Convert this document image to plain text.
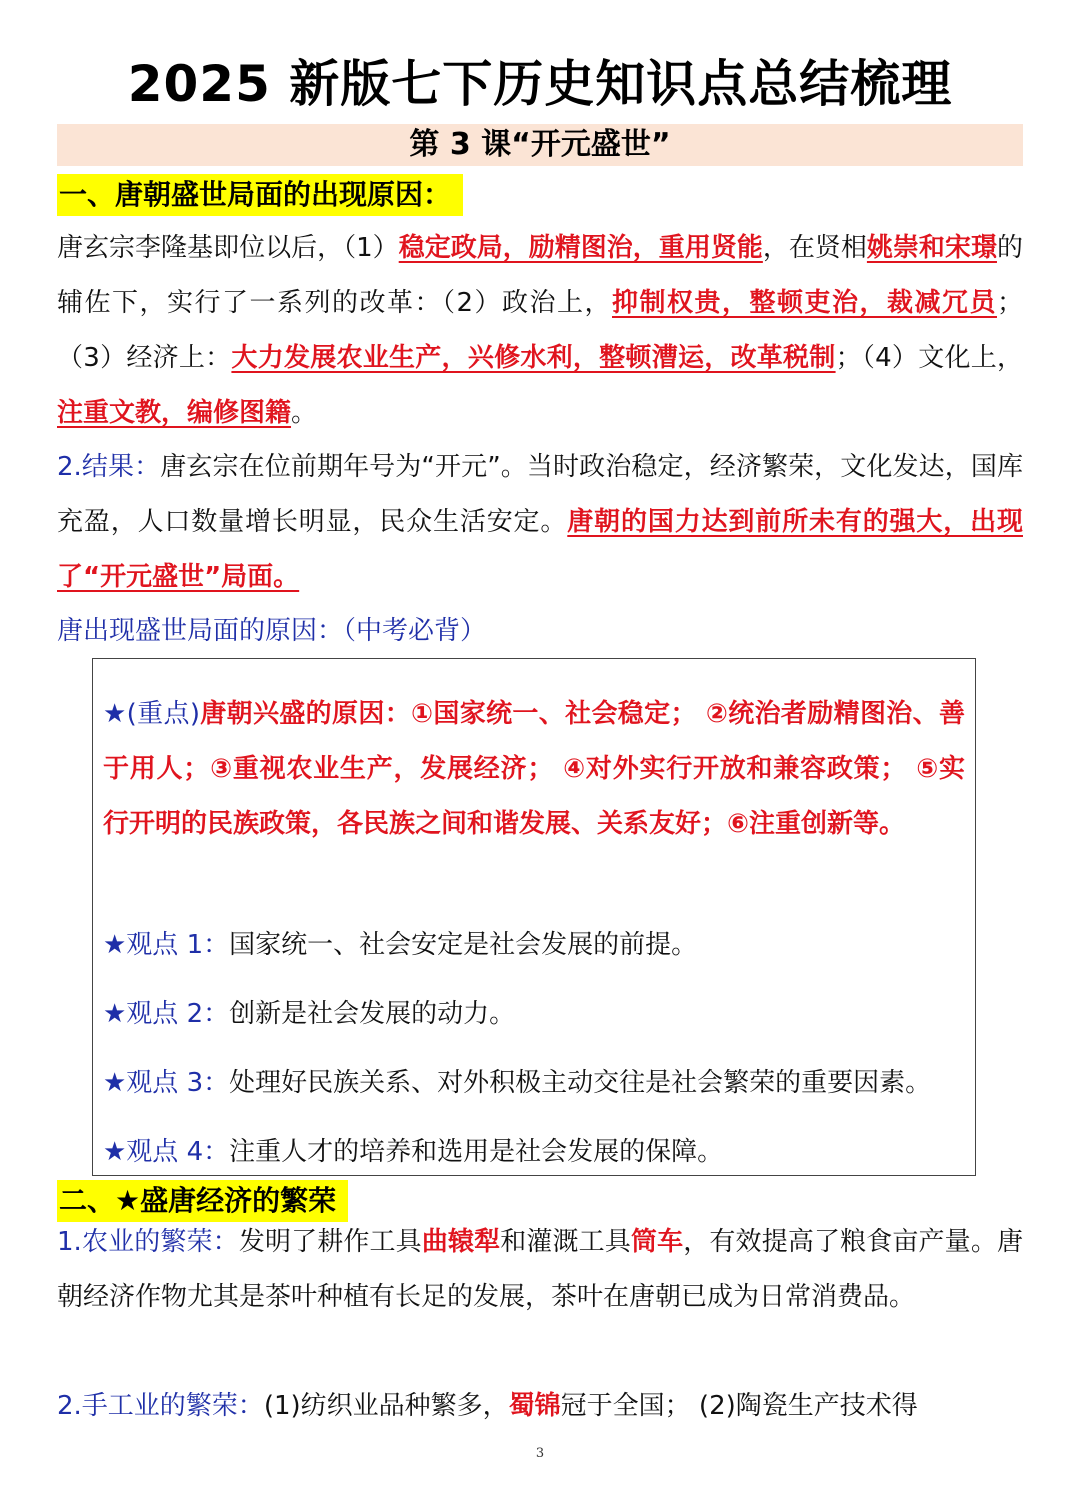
2025 新版七下历史知识点总结梳理
第 3 课“开元盛世”
一、唐朝盛世局面的出现原因：
唐玄宗李隆基即位以后，（1）稳定政局，励精图治，重用贤能，在贤相姚崇和宋璟的辅佐下，实行了一系列的改革：（2）政治上，抑制权贵，整顿吏治，裁减冗员； （3）经济上：大力发展农业生产，兴修水利，整顿漕运，改革税制；（4）文化上，注重文教，编修图籍。
2.结果：唐玄宗在位前期年号为“开元”。当时政治稳定，经济繁荣，文化发达，国库充盈，人口数量增长明显，民众生活安定。唐朝的国力达到前所未有的强大，出现了“开元盛世”局面。
唐出现盛世局面的原因：（中考必背）
★(重点)唐朝兴盛的原因：①国家统一、社会稳定； ②统治者励精图治、善于用人；③重视农业生产，发展经济； ④对外实行开放和兼容政策； ⑤实行开明的民族政策，各民族之间和谐发展、关系友好；⑥注重创新等。
★观点 1：国家统一、社会安定是社会发展的前提。
★观点 2：创新是社会发展的动力。
★观点 3：处理好民族关系、对外积极主动交往是社会繁荣的重要因素。
★观点 4：注重人才的培养和选用是社会发展的保障。
二、★盛唐经济的繁荣
1.农业的繁荣：发明了耕作工具曲辕犁和灌溉工具筒车，有效提高了粮食亩产量。唐朝经济作物尤其是茶叶种植有长足的发展，茶叶在唐朝已成为日常消费品。
2.手工业的繁荣：(1)纺织业品种繁多，蜀锦冠于全国； (2)陶瓷生产技术得
3
